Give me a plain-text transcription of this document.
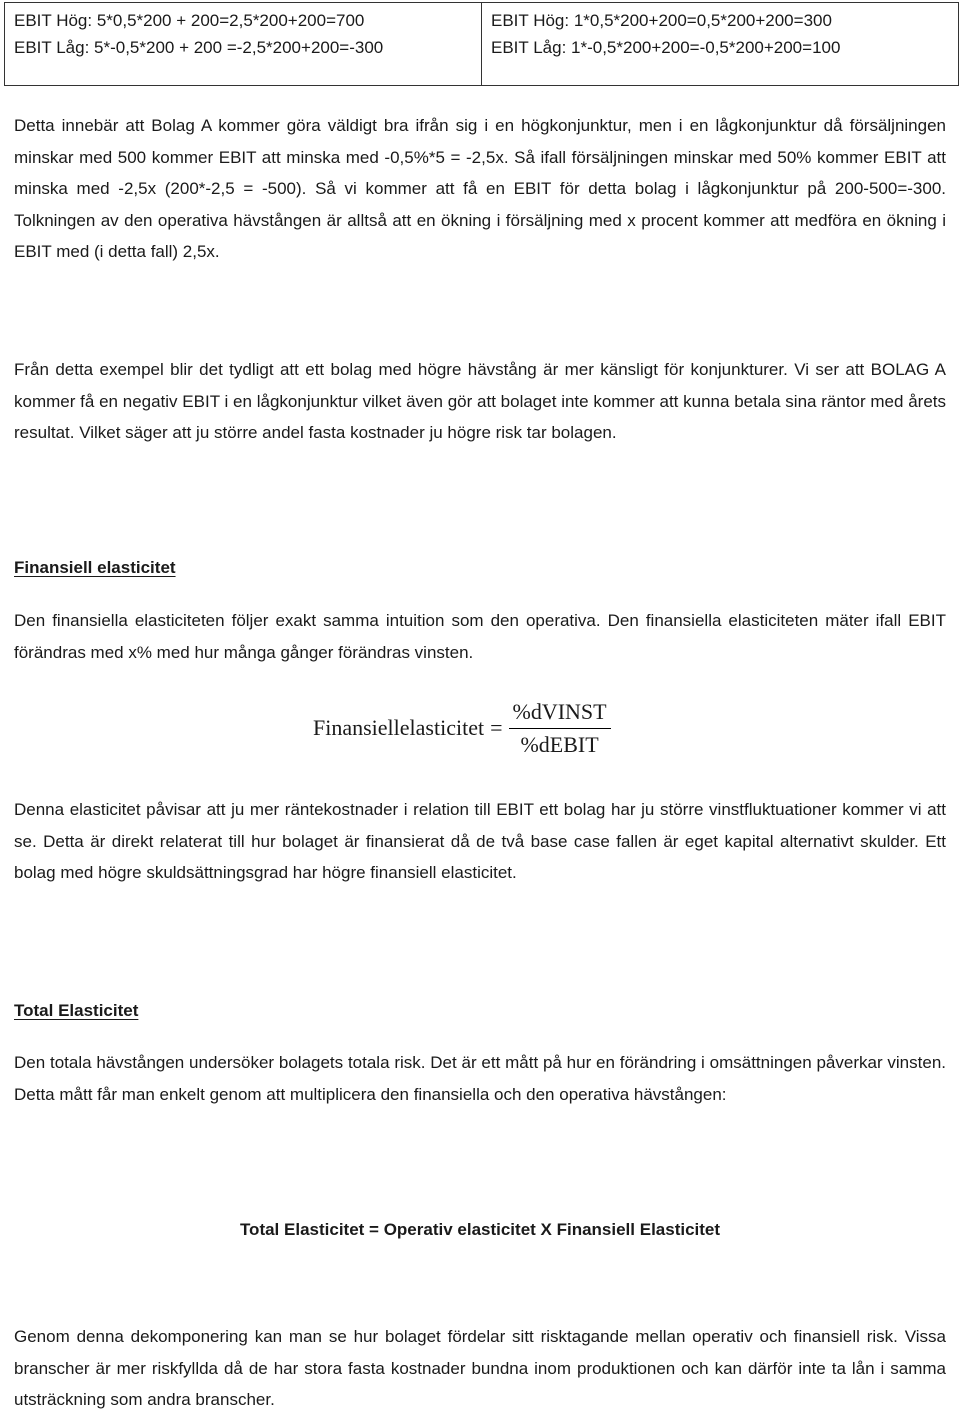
EBIT Hög: 5*0,5*200 + 200=2,5*200+200=700
EBIT Låg: 5*-0,5*200 + 200 =-2,5*200+200=-300

EBIT Hög: 1*0,5*200+200=0,5*200+200=300
EBIT Låg: 1*-0,5*200+200=-0,5*200+200=100

Detta innebär att Bolag A kommer göra väldigt bra ifrån sig i en högkonjunktur, men i en lågkonjunktur då försäljningen minskar med 500 kommer EBIT att minska med -0,5%*5 = -2,5x. Så ifall försäljningen minskar med 50% kommer EBIT att minska med -2,5x (200*-2,5 = -500). Så vi kommer att få en EBIT för detta bolag i lågkonjunktur på 200-500=-300. Tolkningen av den operativa hävstången är alltså att en ökning i försäljning med x procent kommer att medföra en ökning i EBIT med (i detta fall) 2,5x.

Från detta exempel blir det tydligt att ett bolag med högre hävstång är mer känsligt för konjunkturer. Vi ser att BOLAG A kommer få en negativ EBIT i en lågkonjunktur vilket även gör att bolaget inte kommer att kunna betala sina räntor med årets resultat. Vilket säger att ju större andel fasta kostnader ju högre risk tar bolagen.

Finansiell elasticitet

Den finansiella elasticiteten följer exakt samma intuition som den operativa. Den finansiella elasticiteten mäter ifall EBIT förändras med x% med hur många gånger förändras vinsten.

Finansiellelasticitet = $\frac{\text{\%dVINST}}{\text{\%dEBIT}}$

Denna elasticitet påvisar att ju mer räntekostnader i relation till EBIT ett bolag har ju större vinstfluktuationer kommer vi att se. Detta är direkt relaterat till hur bolaget är finansierat då de två base case fallen är eget kapital alternativt skulder. Ett bolag med högre skuldsättningsgrad har högre finansiell elasticitet.

Total Elasticitet

Den totala hävstången undersöker bolagets totala risk. Det är ett mått på hur en förändring i omsättningen påverkar vinsten. Detta mått får man enkelt genom att multiplicera den finansiella och den operativa hävstången:

Total Elasticitet = Operativ elasticitet X Finansiell Elasticitet

Genom denna dekomponering kan man se hur bolaget fördelar sitt risktagande mellan operativ och finansiell risk. Vissa branscher är mer riskfyllda då de har stora fasta kostnader bundna inom produktionen och kan därför inte ta lån i samma utsträckning som andra branscher.
